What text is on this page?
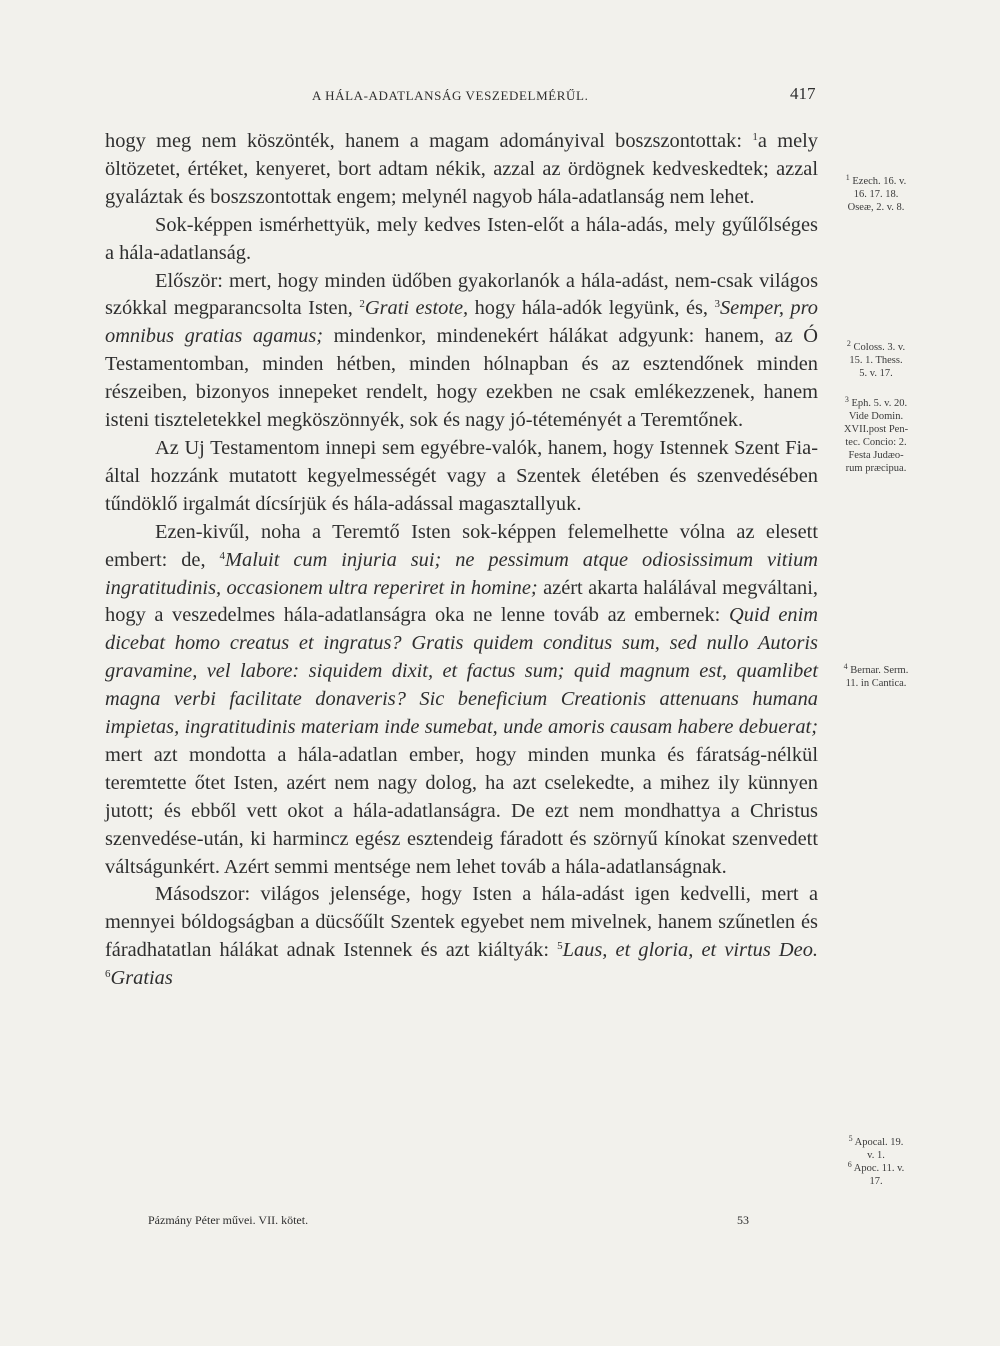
A HÁLA-ADATLANSÁG VESZEDELMÉRŰL.	417

hogy meg nem köszönték, hanem a magam adományival boszszontottak: $^1$a mely öltözetet, értéket, kenyeret, bort adtam nékik, azzal az ördögnek kedveskedtek; azzal gyaláztak és boszszontottak engem; melynél nagyob hála-adatlanság nem lehet.

Sok-képpen ismérhettyük, mely kedves Isten-előt a hála-adás, mely gyűlőlséges a hála-adatlanság.

Először: mert, hogy minden üdőben gyakorlanók a hála-adást, nem-csak világos szókkal megparancsolta Isten, $^2$Grati estote, hogy hála-adók legyünk, és, $^3$Semper, pro omnibus gratias agamus; mindenkor, mindenekért hálákat adgyunk: hanem, az Ó Testamentomban, minden hétben, minden hólnapban és az esztendőnek minden részeiben, bizonyos innepeket rendelt, hogy ezekben ne csak emlékezzenek, hanem isteni tiszteletekkel megköszönnyék, sok és nagy jó-téteményét a Teremtőnek.

Az Uj Testamentom innepi sem egyébre-valók, hanem, hogy Istennek Szent Fia-által hozzánk mutatott kegyelmességét vagy a Szentek életében és szenvedésében tűndöklő irgalmát dícsírjük és hála-adással magasztallyuk.

Ezen-kivűl, noha a Teremtő Isten sok-képpen felemelhette vólna az elesett embert: de, $^4$Maluit cum injuria sui; ne pessimum atque odiosissimum vitium ingratitudinis, occasionem ultra reperiret in homine; azért akarta halálával megváltani, hogy a veszedelmes hála-adatlanságra oka ne lenne továb az embernek: Quid enim dicebat homo creatus et ingratus? Gratis quidem conditus sum, sed nullo Autoris gravamine, vel labore: siquidem dixit, et factus sum; quid magnum est, quamlibet magna verbi facilitate donaveris? Sic beneficium Creationis attenuans humana impietas, ingratitudinis materiam inde sumebat, unde amoris causam habere debuerat; mert azt mondotta a hála-adatlan ember, hogy minden munka és fáratság-nélkül teremtette őtet Isten, azért nem nagy dolog, ha azt cselekedte, a mihez ily künnyen jutott; és ebből vett okot a hála-adatlanságra. De ezt nem mondhattya a Christus szenvedése-után, ki harmincz egész esztendeig fáradott és szörnyű kínokat szenvedett váltságunkért. Azért semmi mentsége nem lehet továb a hála-adatlanságnak.

Másodszor: világos jelensége, hogy Isten a hála-adást igen kedvelli, mert a mennyei bóldogságban a dücsőűlt Szentek egyebet nem mivelnek, hanem szűnetlen és fáradhatatlan hálákat adnak Istennek és azt kiáltyák: $^5$Laus, et gloria, et virtus Deo. $^6$Gratias

$^1$ Ezech. 16. v.
16. 17. 18.
Oseæ, 2. v. 8.
$^2$ Coloss. 3. v.
15. 1. Thess.
5. v. 17.
$^3$ Eph. 5. v. 20.
Vide Domin.
XVII.post Pen-
tec. Concio: 2.
Festa Judæo-
rum præcipua.
$^4$ Bernar. Serm.
11. in Cantica.
$^5$ Apocal. 19.
v. 1.
$^6$ Apoc. 11. v.
17.
Pázmány Péter művei. VII. kötet.	53
